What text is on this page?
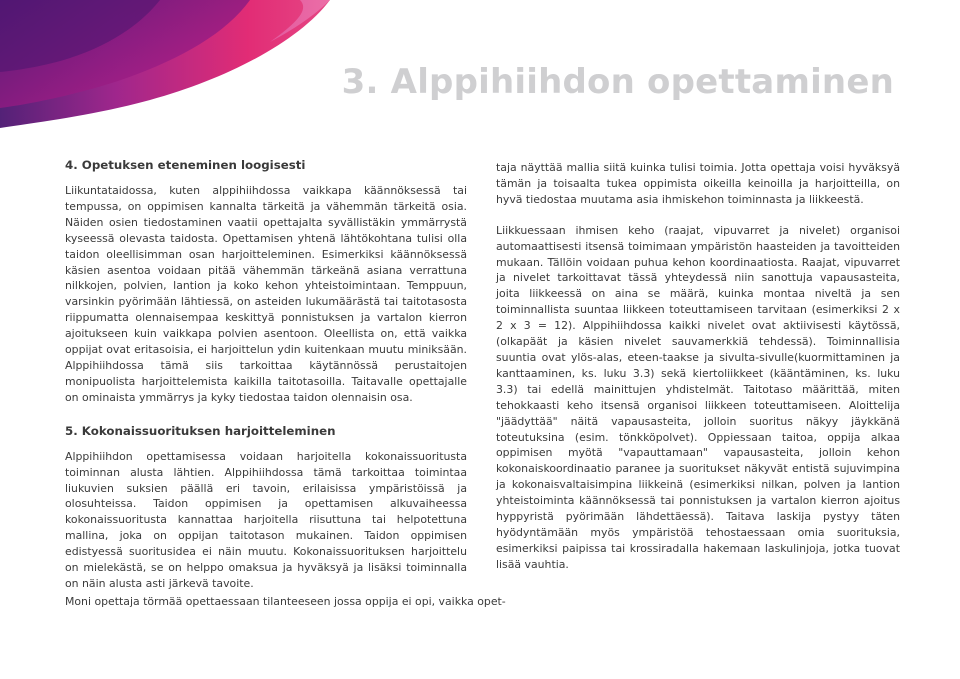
3. Alppihiihdon opettaminen
4. Opetuksen eteneminen loogisesti

Liikuntataidossa, kuten alppihiihdossa vaikkapa käännöksessä tai tempussa, on oppimisen kannalta tärkeitä ja vähemmän tärkeitä osia. Näiden osien tiedostaminen vaatii opettajalta syvällistäkin ymmärrystä kyseessä olevasta taidosta. Opettamisen yhtenä lähtökohtana tulisi olla taidon oleellisimman osan harjoitteleminen. Esimerkiksi käännöksessä käsien asentoa voidaan pitää vähemmän tärkeänä asiana verrattuna nilkkojen, polvien, lantion ja koko kehon yhteistoimintaan. Temppuun, varsinkin pyörimään lähtiessä, on asteiden lukumäärästä tai taitotasosta riippumatta olennaisempaa keskittyä ponnistuksen ja vartalon kierron ajoitukseen kuin vaikkapa polvien asentoon. Oleellista on, että vaikka oppijat ovat eritasoisia, ei harjoittelun ydin kuitenkaan muutu miniksään. Alppihiihdossa tämä siis tarkoittaa käytännössä perustaitojen monipuolista harjoittelemista kaikilla taitotasoilla. Taitavalle opettajalle on ominaista ymmärrys ja kyky tiedostaa taidon olennaisin osa.

5. Kokonaissuorituksen harjoitteleminen

Alppihiihdon opettamisessa voidaan harjoitella kokonaissuoritusta toiminnan alusta lähtien. Alppihiihdossa tämä tarkoittaa toimintaa liukuvien suksien päällä eri tavoin, erilaisissa ympäristöissä ja olosuhteissa. Taidon oppimisen ja opettamisen alkuvaiheessa kokonaissuoritusta kannattaa harjoitella riisuttuna tai helpotettuna mallina, joka on oppijan taitotason mukainen. Taidon oppimisen edistyessä suoritusidea ei näin muutu. Kokonaissuorituksen harjoittelu on mielekästä, se on helppo omaksua ja hyväksyä ja lisäksi toiminnalla on näin alusta asti järkevä tavoite.

Moni opettaja törmää opettaessaan tilanteeseen jossa oppija ei opi, vaikka opet-

taja näyttää mallia siitä kuinka tulisi toimia. Jotta opettaja voisi hyväksyä tämän ja toisaalta tukea oppimista oikeilla keinoilla ja harjoitteilla, on hyvä tiedostaa muutama asia ihmiskehon toiminnasta ja liikkeestä.

Liikkuessaan ihmisen keho (raajat, vipuvarret ja nivelet) organisoi automaattisesti itsensä toimimaan ympäristön haasteiden ja tavoitteiden mukaan. Tällöin voidaan puhua kehon koordinaatiosta. Raajat, vipuvarret ja nivelet tarkoittavat tässä yhteydessä niin sanottuja vapausasteita, joita liikkeessä on aina se määrä, kuinka montaa niveltä ja sen toiminnallista suuntaa liikkeen toteuttamiseen tarvitaan (esimerkiksi 2 x 2 x 3 = 12). Alppihiihdossa kaikki nivelet ovat aktiivisesti käytössä, (olkapäät ja käsien nivelet sauvamerkkiä tehdessä). Toiminnallisia suuntia ovat ylös-alas, eteen-taakse ja sivulta-sivulle(kuormittaminen ja kanttaaminen, ks. luku 3.3) sekä kiertoliikkeet (kääntäminen, ks. luku 3.3) tai edellä mainittujen yhdistelmät. Taitotaso määrittää, miten tehokkaasti keho itsensä organisoi liikkeen toteuttamiseen. Aloittelija "jäädyttää" näitä vapausasteita, jolloin suoritus näkyy jäykkänä toteutuksina (esim. tönkköpolvet). Oppiessaan taitoa, oppija alkaa oppimisen myötä "vapauttamaan" vapausasteita, jolloin kehon kokonaiskoordinaatio paranee ja suoritukset näkyvät entistä sujuvimpina ja kokonaisvaltaisimpina liikkeinä (esimerkiksi nilkan, polven ja lantion yhteistoiminta käännöksessä tai ponnistuksen ja vartalon kierron ajoitus hyppyristä pyörimään lähdettäessä). Taitava laskija pystyy täten hyödyntämään myös ympäristöä tehostaessaan omia suorituksia, esimerkiksi paipissa tai krossiradalla hakemaan laskulinjoja, jotka tuovat lisää vauhtia.
